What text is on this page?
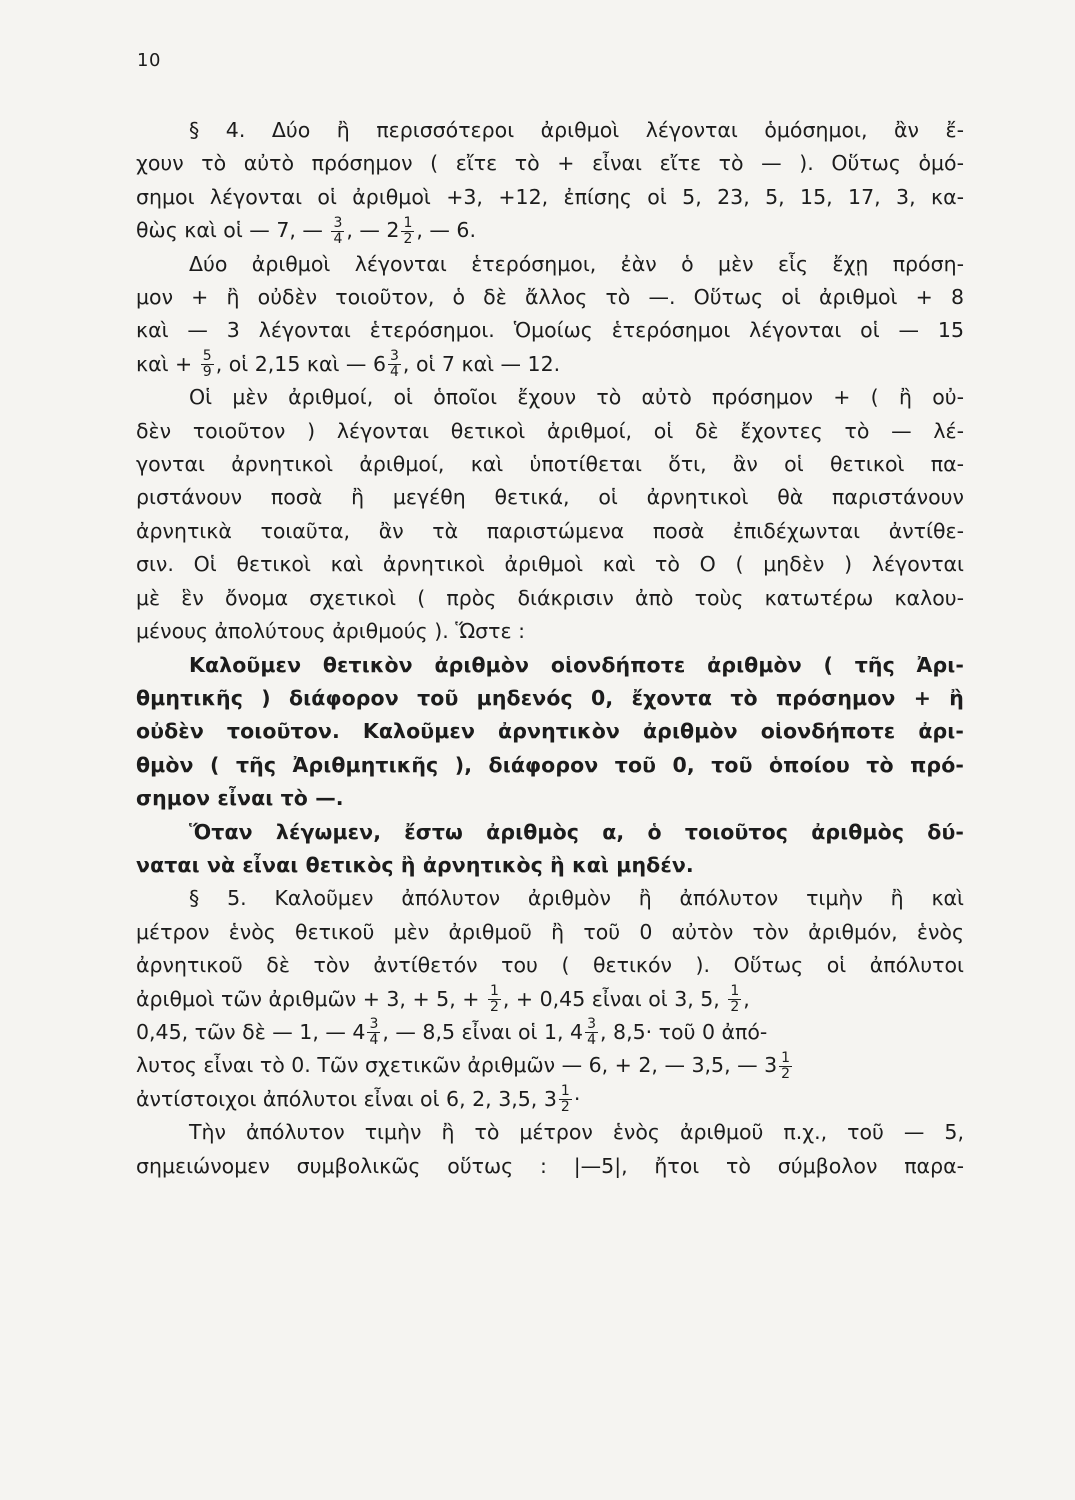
10
§ 4. Δύο ἢ περισσότεροι ἀριθμοὶ λέγονται ὁμόσημοι, ἂν ἔ-
χουν τὸ αὐτὸ πρόσημον ( εἴτε τὸ + εἶναι εἴτε τὸ — ). Οὕτως ὁμό-
σημοι λέγονται οἱ ἀριθμοὶ +3, +12, ἐπίσης οἱ 5, 23, 5, 15, 17, 3, κα-
θὼς καὶ οἱ — 7, — $\frac{3}{4}$ , — $2 \frac{1}{2}$ , — 6.
Δύο ἀριθμοὶ λέγονται ἑτερόσημοι, ἐὰν ὁ μὲν εἷς ἔχῃ πρόση-
μον + ἢ οὐδὲν τοιοῦτον, ὁ δὲ ἄλλος τὸ —. Οὕτως οἱ ἀριθμοὶ + 8
καὶ — 3 λέγονται ἑτερόσημοι. Ὁμοίως ἑτερόσημοι λέγονται οἱ — 15
καὶ + $\frac{5}{9}$ , οἱ 2,15 καὶ — $6 \frac{3}{4}$ , οἱ 7 καὶ — 12.
Οἱ μὲν ἀριθμοί, οἱ ὁποῖοι ἔχουν τὸ αὐτὸ πρόσημον + ( ἢ οὐ-
δὲν τοιοῦτον ) λέγονται θετικοὶ ἀριθμοί, οἱ δὲ ἔχοντες τὸ — λέ-
γονται ἀρνητικοὶ ἀριθμοί, καὶ ὑποτίθεται ὅτι, ἂν οἱ θετικοὶ πα-
ριστάνουν ποσὰ ἢ μεγέθη θετικά, οἱ ἀρνητικοὶ θὰ παριστάνουν
ἀρνητικὰ τοιαῦτα, ἂν τὰ παριστώμενα ποσὰ ἐπιδέχωνται ἀντίθε-
σιν. Οἱ θετικοὶ καὶ ἀρνητικοὶ ἀριθμοὶ καὶ τὸ Ο ( μηδὲν ) λέγονται
μὲ ἓν ὄνομα σχετικοὶ ( πρὸς διάκρισιν ἀπὸ τοὺς κατωτέρω καλου-
μένους ἀπολύτους ἀριθμούς ). Ὥστε :
Καλοῦμεν θετικὸν ἀριθμὸν οἱονδήποτε ἀριθμὸν ( τῆς Ἀρι-
θμητικῆς ) διάφορον τοῦ μηδενός 0, ἔχοντα τὸ πρόσημον + ἢ
οὐδὲν τοιοῦτον. Καλοῦμεν ἀρνητικὸν ἀριθμὸν οἱονδήποτε ἀρι-
θμὸν ( τῆς Ἀριθμητικῆς ), διάφορον τοῦ 0, τοῦ ὁποίου τὸ πρό-
σημον εἶναι τὸ —.
Ὅταν λέγωμεν, ἔστω ἀριθμὸς α, ὁ τοιοῦτος ἀριθμὸς δύ-
ναται νὰ εἶναι θετικὸς ἢ ἀρνητικὸς ἢ καὶ μηδέν.
§ 5. Καλοῦμεν ἀπόλυτον ἀριθμὸν ἢ ἀπόλυτον τιμὴν ἢ καὶ
μέτρον ἑνὸς θετικοῦ μὲν ἀριθμοῦ ἢ τοῦ 0 αὐτὸν τὸν ἀριθμόν, ἑνὸς
ἀρνητικοῦ δὲ τὸν ἀντίθετόν του ( θετικόν ). Οὕτως οἱ ἀπόλυτοι
ἀριθμοὶ τῶν ἀριθμῶν + 3, + 5, + $\frac{1}{2}$ , + 0,45 εἶναι οἱ 3, 5, $\frac{1}{2}$ ,
0,45, τῶν δὲ — 1, — $4 \frac{3}{4}$ , — 8,5 εἶναι οἱ 1, $4 \frac{3}{4}$ , 8,5· τοῦ 0 ἀπό-
λυτος εἶναι τὸ 0. Τῶν σχετικῶν ἀριθμῶν — 6, + 2, — 3,5, — $3 \frac{1}{2}$
ἀντίστοιχοι ἀπόλυτοι εἶναι οἱ 6, 2, 3,5, $3 \frac{1}{2}$ ·
Τὴν ἀπόλυτον τιμὴν ἢ τὸ μέτρον ἑνὸς ἀριθμοῦ π.χ., τοῦ — 5,
σημειώνομεν συμβολικῶς οὕτως : |—5|, ἤτοι τὸ σύμβολον παρα-
